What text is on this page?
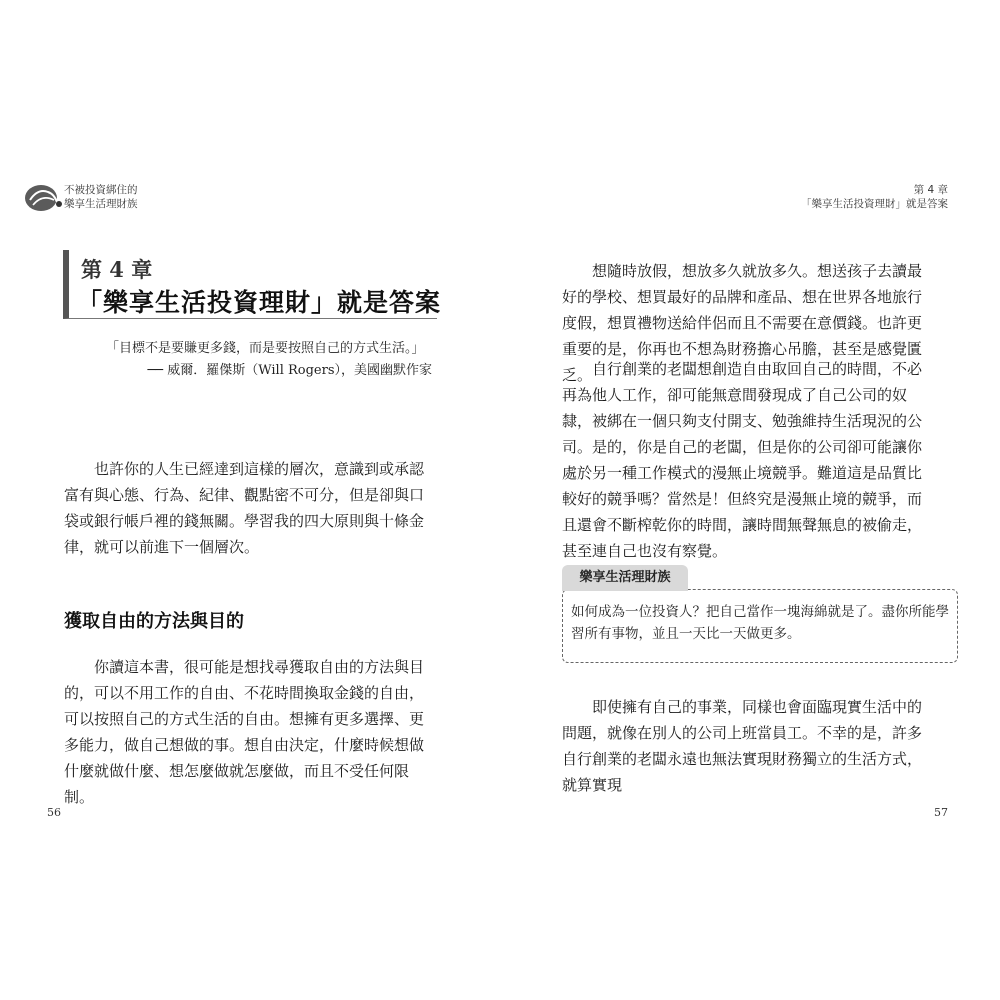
不被投資綁住的
樂享生活理財族
第 4 章
「樂享生活投資理財」就是答案
「目標不是要賺更多錢，而是要按照自己的方式生活。」
── 威爾．羅傑斯（Will Rogers），美國幽默作家

也許你的人生已經達到這樣的層次，意識到或承認富有與心態、行為、紀律、觀點密不可分，但是卻與口袋或銀行帳戶裡的錢無關。學習我的四大原則與十條金律，就可以前進下一個層次。

獲取自由的方法與目的

你讀這本書，很可能是想找尋獲取自由的方法與目的，可以不用工作的自由、不花時間換取金錢的自由，可以按照自己的方式生活的自由。想擁有更多選擇、更多能力，做自己想做的事。想自由決定，什麼時候想做什麼就做什麼、想怎麼做就怎麼做，而且不受任何限制。

56
第 4 章
「樂享生活投資理財」就是答案

想隨時放假，想放多久就放多久。想送孩子去讀最好的學校、想買最好的品牌和產品、想在世界各地旅行度假，想買禮物送給伴侶而且不需要在意價錢。也許更重要的是，你再也不想為財務擔心吊膽，甚至是感覺匱乏。 自行創業的老闆想創造自由取回自己的時間，不必再為他人工作，卻可能無意間發現成了自己公司的奴隸，被綁在一個只夠支付開支、勉強維持生活現況的公司。是的，你是自己的老闆，但是你的公司卻可能讓你處於另一種工作模式的漫無止境競爭。難道這是品質比較好的競爭嗎？當然是！但終究是漫無止境的競爭，而且還會不斷榨乾你的時間，讓時間無聲無息的被偷走，甚至連自己也沒有察覺。

如何成為一位投資人？把自己當作一塊海綿就是了。盡你所能學習所有事物，並且一天比一天做更多。

樂享生活理財族

即使擁有自己的事業，同樣也會面臨現實生活中的問題，就像在別人的公司上班當員工。不幸的是，許多自行創業的老闆永遠也無法實現財務獨立的生活方式，就算實現

57
